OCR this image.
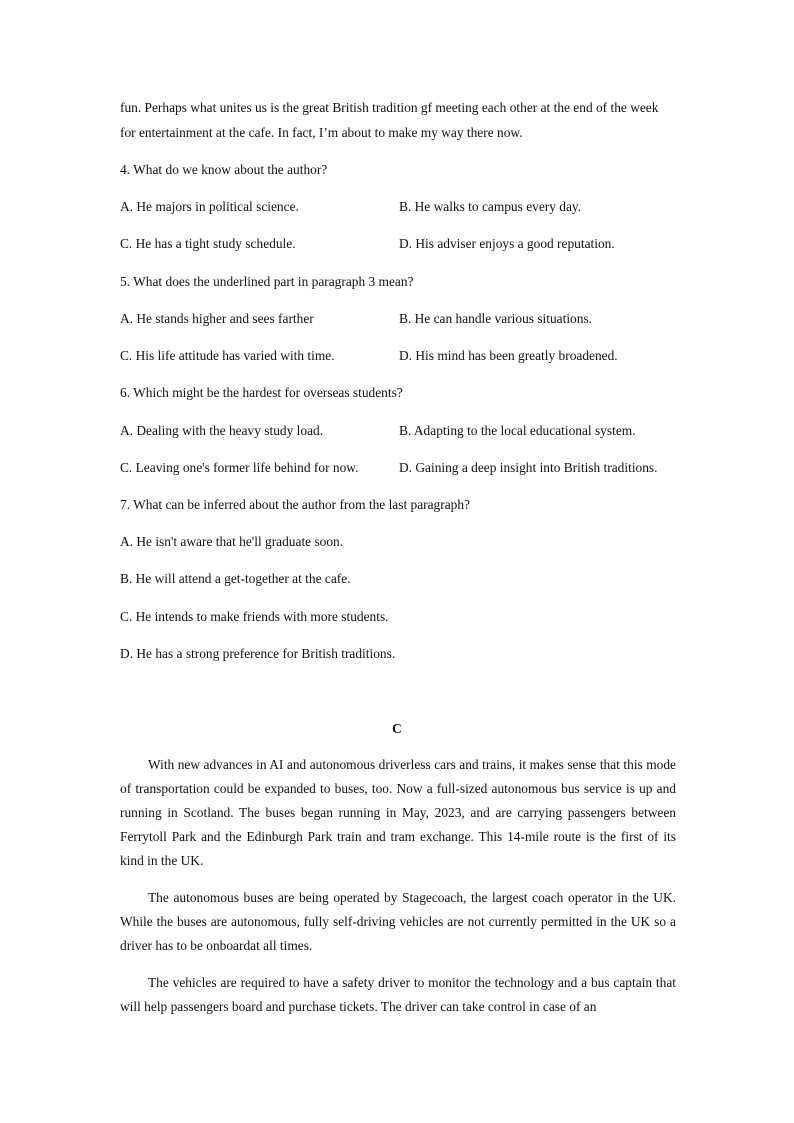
fun. Perhaps what unites us is the great British tradition gf meeting each other at the end of the week
for entertainment at the cafe. In fact, I’m about to make my way there now.
4. What do we know about the author?
A. He majors in political science.	B. He walks to campus every day.
C. He has a tight study schedule.	D. His adviser enjoys a good reputation.
5. What does the underlined part in paragraph 3 mean?
A. He stands higher and sees farther	B. He can handle various situations.
C. His life attitude has varied with time.	D. His mind has been greatly broadened.
6. Which might be the hardest for overseas students?
A. Dealing with the heavy study load.	B. Adapting to the local educational system.
C. Leaving one's former life behind for now.	D. Gaining a deep insight into British traditions.
7. What can be inferred about the author from the last paragraph?
A. He isn't aware that he'll graduate soon.
B. He will attend a get-together at the cafe.
C. He intends to make friends with more students.
D. He has a strong preference for British traditions.
C
With new advances in AI and autonomous driverless cars and trains, it makes sense that this mode of transportation could be expanded to buses, too. Now a full-sized autonomous bus service is up and running in Scotland. The buses began running in May, 2023, and are carrying passengers between Ferrytoll Park and the Edinburgh Park train and tram exchange. This 14-mile route is the first of its kind in the UK.
The autonomous buses are being operated by Stagecoach, the largest coach operator in the UK. While the buses are autonomous, fully self-driving vehicles are not currently permitted in the UK so a driver has to be onboardat all times.
The vehicles are required to have a safety driver to monitor the technology and a bus captain that will help passengers board and purchase tickets. The driver can take control in case of an
